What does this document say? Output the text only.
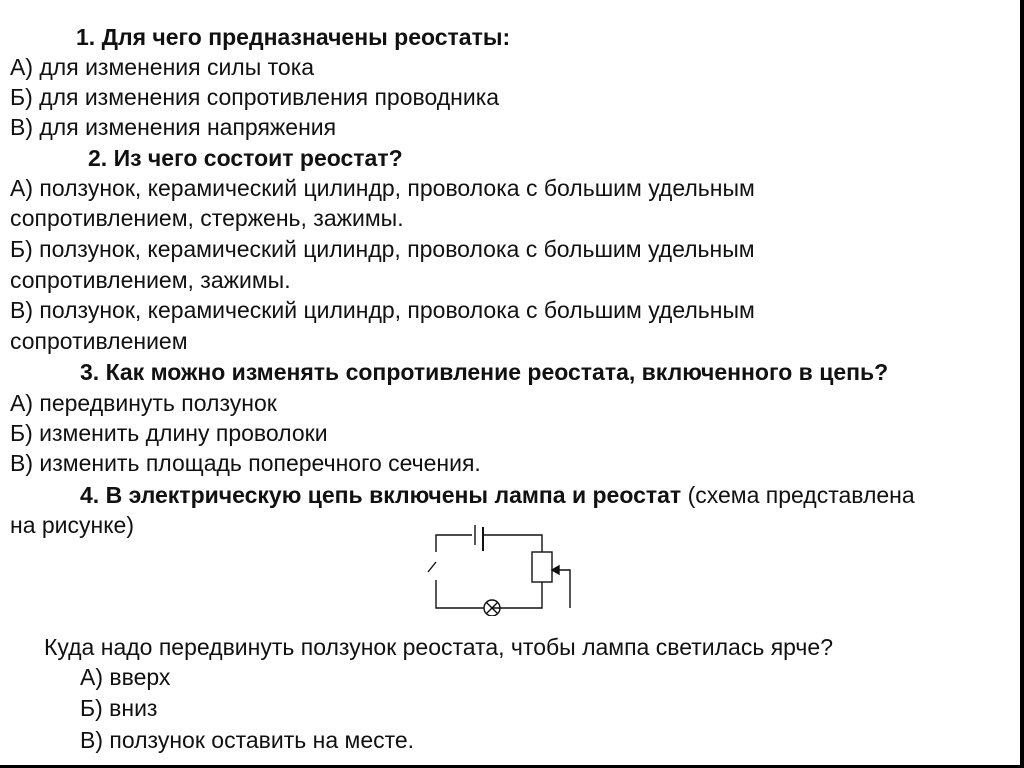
1. Для чего предназначены реостаты:
А) для изменения силы тока
Б) для изменения сопротивления проводника
В) для изменения напряжения
2. Из чего состоит реостат?
А) ползунок, керамический цилиндр, проволока с большим удельным
сопротивлением, стержень, зажимы.
Б) ползунок, керамический цилиндр, проволока с большим удельным
сопротивлением, зажимы.
В) ползунок, керамический цилиндр, проволока с большим удельным
сопротивлением
3. Как можно изменять сопротивление реостата, включенного в цепь?
А) передвинуть ползунок
Б) изменить длину проволоки
В) изменить площадь поперечного сечения.
4. В электрическую цепь включены лампа и реостат (схема представлена
на рисунке)
Куда надо передвинуть ползунок реостата, чтобы лампа светилась ярче?
А) вверх
Б) вниз
В) ползунок оставить на месте.
